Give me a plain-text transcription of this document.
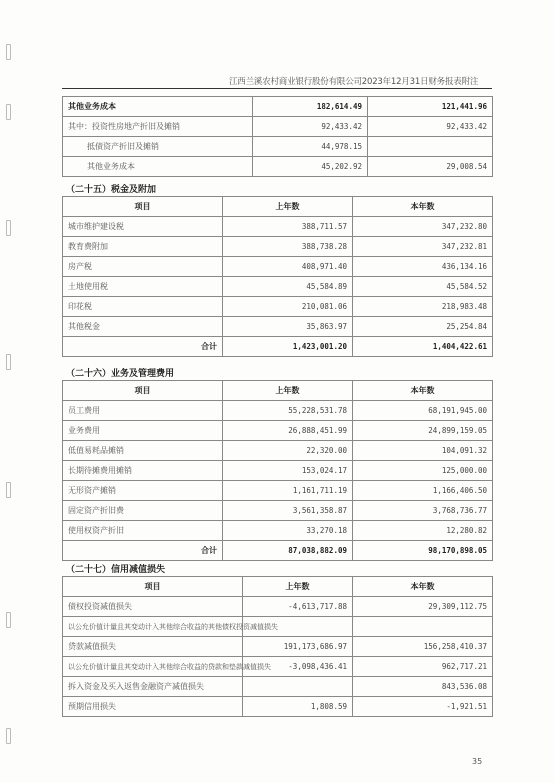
江西兰溪农村商业银行股份有限公司2023年12月31日财务报表附注
其他业务成本	182,614.49	121,441.96
其中：投资性房地产折旧及摊销	92,433.42	92,433.42
抵债资产折旧及摊销	44,978.15	
其他业务成本	45,202.92	29,008.54
（二十五）税金及附加
项目	上年数	本年数
城市维护建设税	388,711.57	347,232.80
教育费附加	388,738.28	347,232.81
房产税	408,971.40	436,134.16
土地使用税	45,584.89	45,584.52
印花税	210,081.06	218,983.48
其他税金	35,863.97	25,254.84
合计	1,423,001.20	1,404,422.61
（二十六）业务及管理费用
项目	上年数	本年数
员工费用	55,228,531.78	68,191,945.00
业务费用	26,888,451.99	24,899,159.05
低值易耗品摊销	22,320.00	104,091.32
长期待摊费用摊销	153,024.17	125,000.00
无形资产摊销	1,161,711.19	1,166,406.50
固定资产折旧费	3,561,358.87	3,768,736.77
使用权资产折旧	33,270.18	12,280.82
合计	87,038,882.09	98,170,898.05
（二十七）信用减值损失
项目	上年数	本年数
债权投资减值损失	-4,613,717.88	29,309,112.75
以公允价值计量且其变动计入其他综合收益的其他债权投资减值损失		
贷款减值损失	191,173,686.97	156,258,410.37
以公允价值计量且其变动计入其他综合收益的贷款和垫款减值损失	-3,098,436.41	962,717.21
拆入资金及买入返售金融资产减值损失		843,536.08
预期信用损失	1,808.59	-1,921.51
35
